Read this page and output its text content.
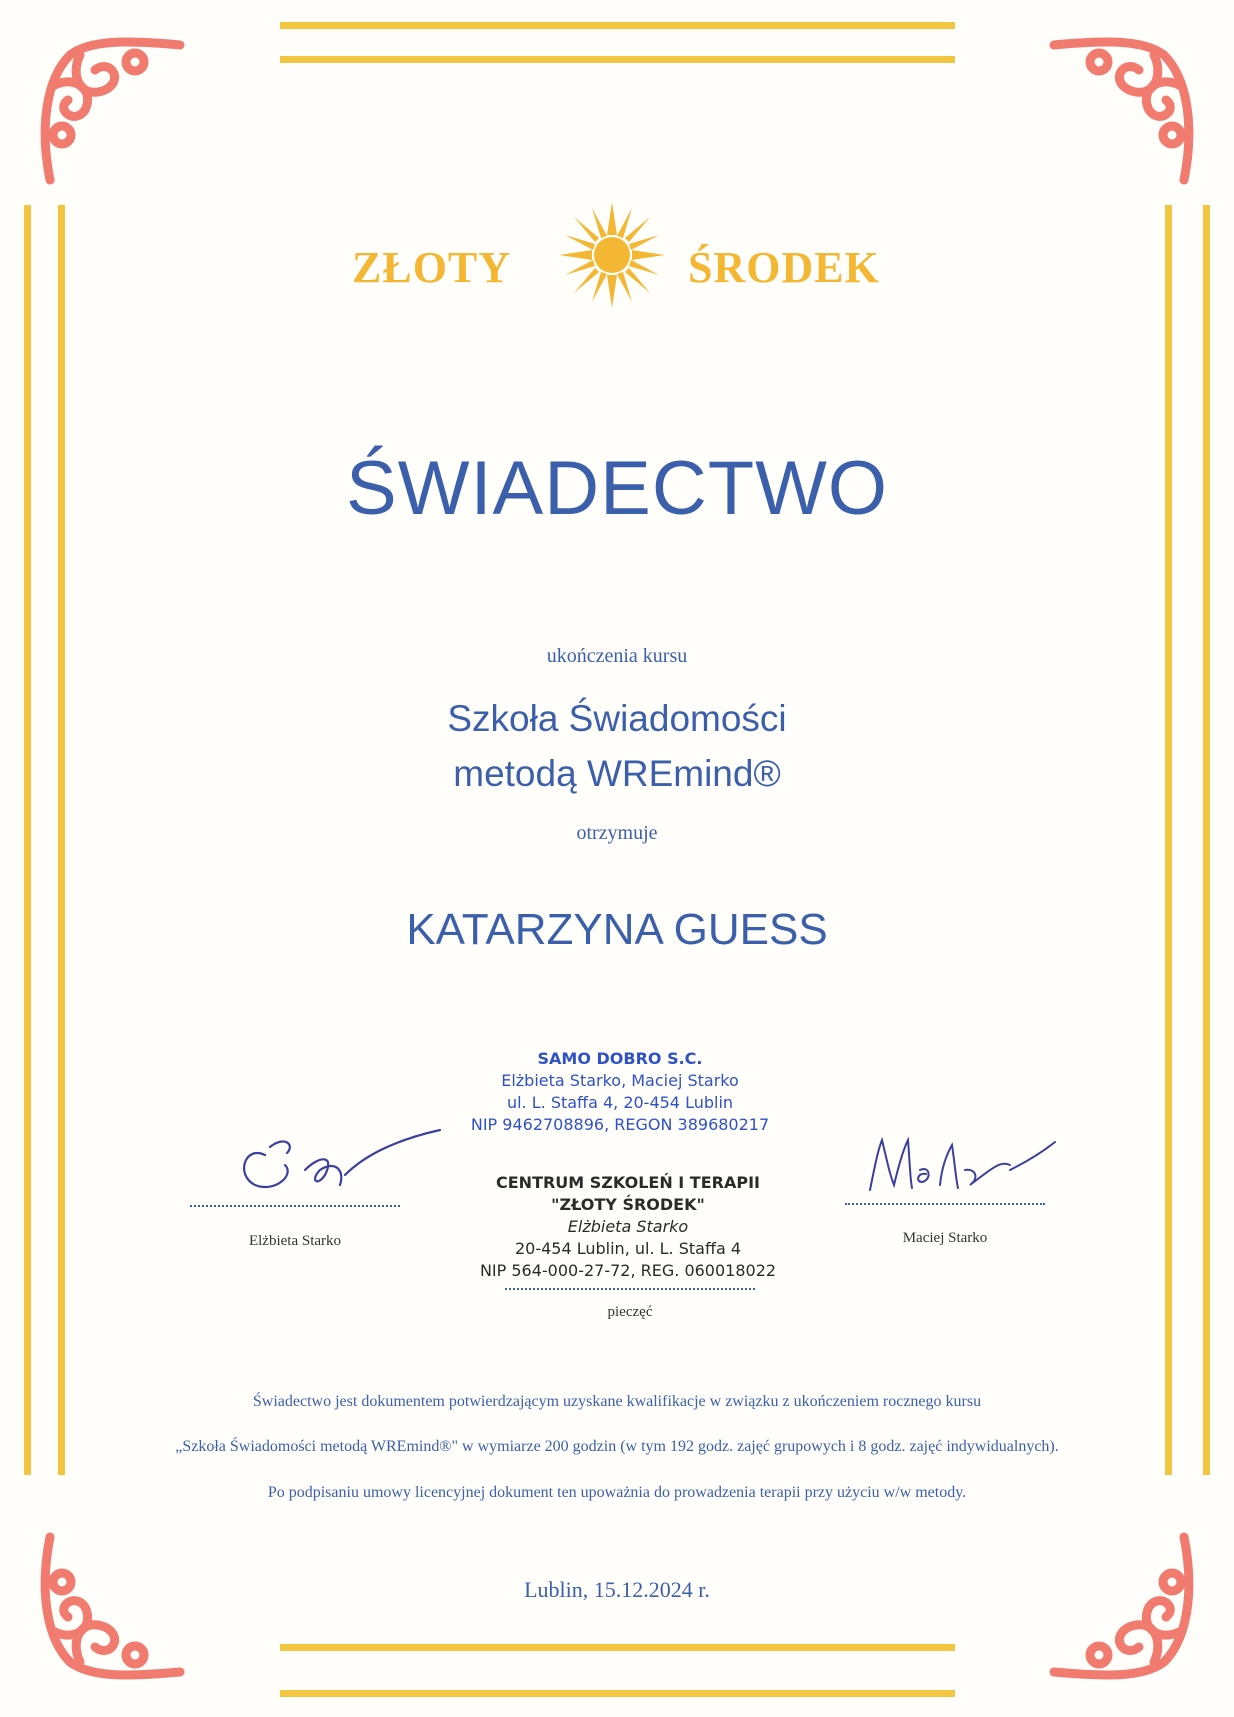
ZŁOTY	ŚRODEK
ŚWIADECTWO
ukończenia kursu
Szkoła Świadomości
metodą WREmind®
otrzymuje
KATARZYNA GUESS
SAMO DOBRO S.C.
Elżbieta Starko, Maciej Starko
ul. L. Staffa 4, 20-454 Lublin
NIP 9462708896, REGON 389680217
CENTRUM SZKOLEŃ I TERAPII
"ZŁOTY ŚRODEK"
Elżbieta Starko
20-454 Lublin, ul. L. Staffa 4
NIP 564-000-27-72, REG. 060018022
pieczęć
Elżbieta Starko	Maciej Starko
Świadectwo jest dokumentem potwierdzającym uzyskane kwalifikacje w związku z ukończeniem rocznego kursu
„Szkoła Świadomości metodą WREmind®" w wymiarze 200 godzin (w tym 192 godz. zajęć grupowych i 8 godz. zajęć indywidualnych).
Po podpisaniu umowy licencyjnej dokument ten upoważnia do prowadzenia terapii przy użyciu w/w metody.
Lublin, 15.12.2024 r.
